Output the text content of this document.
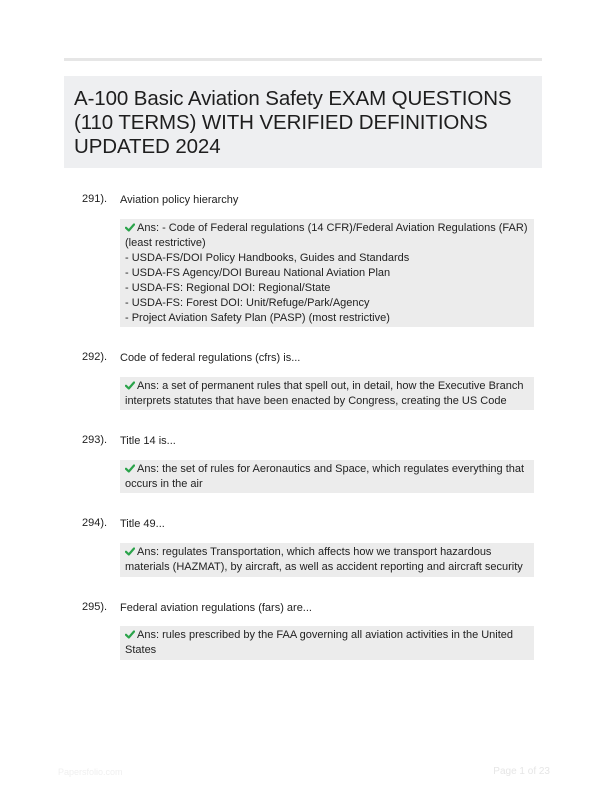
A-100 Basic Aviation Safety EXAM QUESTIONS (110 TERMS) WITH VERIFIED DEFINITIONS UPDATED 2024
291). Aviation policy hierarchy
Ans: - Code of Federal regulations (14 CFR)/Federal Aviation Regulations (FAR) (least restrictive)
- USDA-FS/DOI Policy Handbooks, Guides and Standards
- USDA-FS Agency/DOI Bureau National Aviation Plan
- USDA-FS: Regional DOI: Regional/State
- USDA-FS: Forest DOI: Unit/Refuge/Park/Agency
- Project Aviation Safety Plan (PASP) (most restrictive)
292). Code of federal regulations (cfrs) is...
Ans: a set of permanent rules that spell out, in detail, how the Executive Branch interprets statutes that have been enacted by Congress, creating the US Code
293). Title 14 is...
Ans: the set of rules for Aeronautics and Space, which regulates everything that occurs in the air
294). Title 49...
Ans: regulates Transportation, which affects how we transport hazardous materials (HAZMAT), by aircraft, as well as accident reporting and aircraft security
295). Federal aviation regulations (fars) are...
Ans: rules prescribed by the FAA governing all aviation activities in the United States
Papersfolio.com	Page 1 of 23
